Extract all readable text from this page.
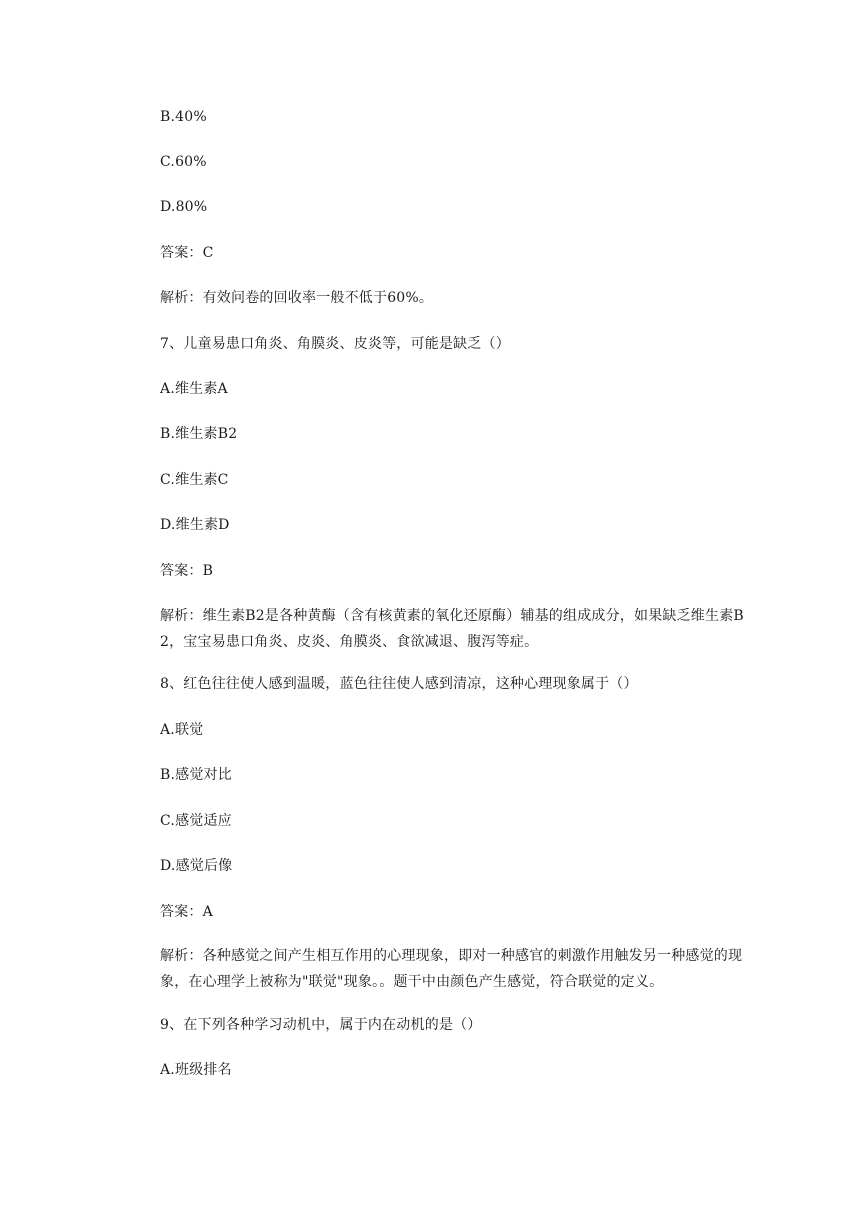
B.40%
C.60%
D.80%
答案：C
解析：有效问卷的回收率一般不低于60%。
7、儿童易患口角炎、角膜炎、皮炎等，可能是缺乏（）
A.维生素A
B.维生素B2
C.维生素C
D.维生素D
答案：B
解析：维生素B2是各种黄酶（含有核黄素的氧化还原酶）辅基的组成成分，如果缺乏维生素B2，宝宝易患口角炎、皮炎、角膜炎、食欲减退、腹泻等症。
8、红色往往使人感到温暖，蓝色往往使人感到清凉，这种心理现象属于（）
A.联觉
B.感觉对比
C.感觉适应
D.感觉后像
答案：A
解析：各种感觉之间产生相互作用的心理现象，即对一种感官的刺激作用触发另一种感觉的现象，在心理学上被称为"联觉"现象。。题干中由颜色产生感觉，符合联觉的定义。
9、在下列各种学习动机中，属于内在动机的是（）
A.班级排名
